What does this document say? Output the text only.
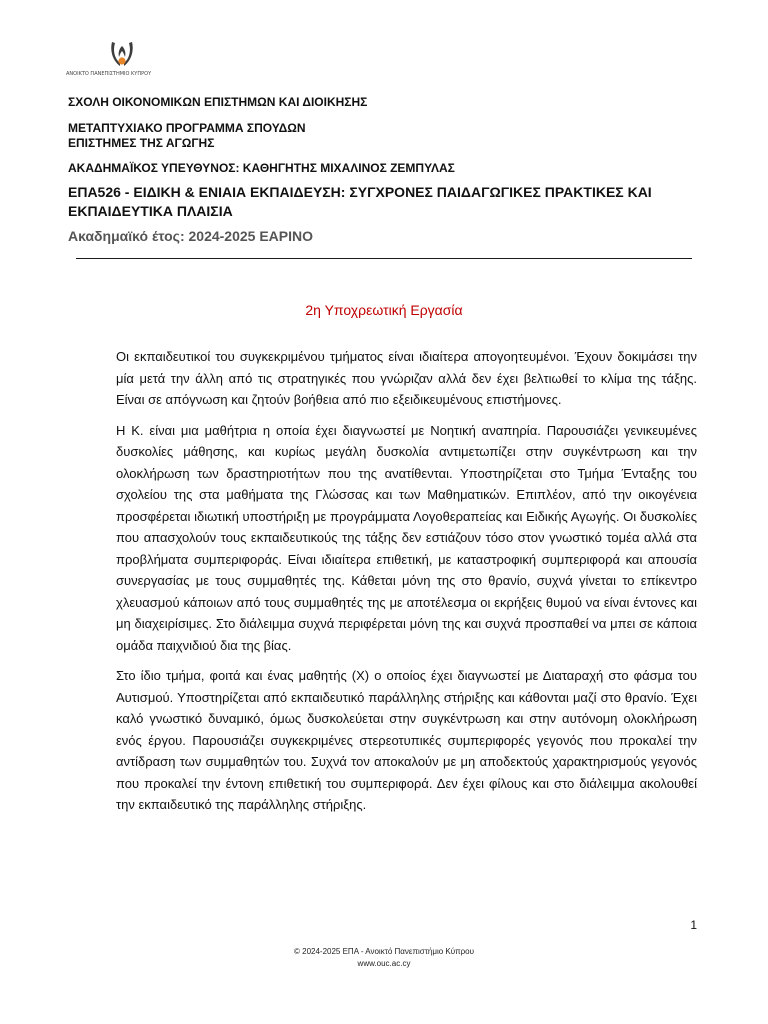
ΑΝΟΙΚΤΟ ΠΑΝΕΠΙΣΤΗΜΙΟ ΚΥΠΡΟΥ
ΣΧΟΛΗ ΟΙΚΟΝΟΜΙΚΩΝ ΕΠΙΣΤΗΜΩΝ ΚΑΙ ΔΙΟΙΚΗΣΗΣ
ΜΕΤΑΠΤΥΧΙΑΚΟ ΠΡΟΓΡΑΜΜΑ ΣΠΟΥΔΩΝ
ΕΠΙΣΤΗΜΕΣ ΤΗΣ ΑΓΩΓΗΣ
ΑΚΑΔΗΜΑΪΚΟΣ ΥΠΕΥΘΥΝΟΣ: ΚΑΘΗΓΗΤΗΣ ΜΙΧΑΛΙΝΟΣ ΖΕΜΠΥΛΑΣ
ΕΠΑ526 - ΕΙΔΙΚΗ & ΕΝΙΑΙΑ ΕΚΠΑΙΔΕΥΣΗ: ΣΥΓΧΡΟΝΕΣ ΠΑΙΔΑΓΩΓΙΚΕΣ ΠΡΑΚΤΙΚΕΣ ΚΑΙ ΕΚΠΑΙΔΕΥΤΙΚΑ ΠΛΑΙΣΙΑ
Ακαδημαϊκό έτος: 2024-2025 ΕΑΡΙΝΟ
2η Υποχρεωτική Εργασία

Οι εκπαιδευτικοί του συγκεκριμένου τμήματος είναι ιδιαίτερα απογοητευμένοι. Έχουν δοκιμάσει την μία μετά την άλλη από τις στρατηγικές που γνώριζαν αλλά δεν έχει βελτιωθεί το κλίμα της τάξης. Είναι σε απόγνωση και ζητούν βοήθεια από πιο εξειδικευμένους επιστήμονες.

Η Κ. είναι μια μαθήτρια η οποία έχει διαγνωστεί με Νοητική αναπηρία. Παρουσιάζει γενικευμένες δυσκολίες μάθησης, και κυρίως μεγάλη δυσκολία αντιμετωπίζει στην συγκέντρωση και την ολοκλήρωση των δραστηριοτήτων που της ανατίθενται. Υποστηρίζεται στο Τμήμα Ένταξης του σχολείου της στα μαθήματα της Γλώσσας και των Μαθηματικών. Επιπλέον, από την οικογένεια προσφέρεται ιδιωτική υποστήριξη με προγράμματα Λογοθεραπείας και Ειδικής Αγωγής. Οι δυσκολίες που απασχολούν τους εκπαιδευτικούς της τάξης δεν εστιάζουν τόσο στον γνωστικό τομέα αλλά στα προβλήματα συμπεριφοράς. Είναι ιδιαίτερα επιθετική, με καταστροφική συμπεριφορά και απουσία συνεργασίας με τους συμμαθητές της. Κάθεται μόνη της στο θρανίο, συχνά γίνεται το επίκεντρο χλευασμού κάποιων από τους συμμαθητές της με αποτέλεσμα οι εκρήξεις θυμού να είναι έντονες και μη διαχειρίσιμες. Στο διάλειμμα συχνά περιφέρεται μόνη της και συχνά προσπαθεί να μπει σε κάποια ομάδα παιχνιδιού δια της βίας.

Στο ίδιο τμήμα, φοιτά και ένας μαθητής (Χ) ο οποίος έχει διαγνωστεί με Διαταραχή στο φάσμα του Αυτισμού. Υποστηρίζεται από εκπαιδευτικό παράλληλης στήριξης και κάθονται μαζί στο θρανίο. Έχει καλό γνωστικό δυναμικό, όμως δυσκολεύεται στην συγκέντρωση και στην αυτόνομη ολοκλήρωση ενός έργου. Παρουσιάζει συγκεκριμένες στερεοτυπικές συμπεριφορές γεγονός που προκαλεί την αντίδραση των συμμαθητών του. Συχνά τον αποκαλούν με μη αποδεκτούς χαρακτηρισμούς γεγονός που προκαλεί την έντονη επιθετική του συμπεριφορά. Δεν έχει φίλους και στο διάλειμμα ακολουθεί την εκπαιδευτικό της παράλληλης στήριξης.

1
© 2024-2025 ΕΠΑ - Ανοικτό Πανεπιστήμιο Κύπρου
www.ouc.ac.cy
